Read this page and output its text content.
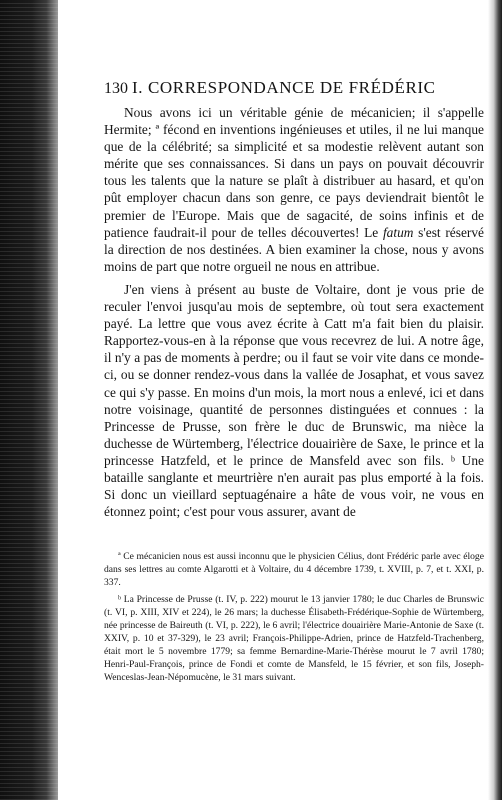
130 I. CORRESPONDANCE DE FRÉDÉRIC

Nous avons ici un véritable génie de mécanicien; il s'appelle Hermite; ª fécond en inventions ingénieuses et utiles, il ne lui manque que de la célébrité; sa simplicité et sa modestie relèvent autant son mérite que ses connaissances. Si dans un pays on pouvait découvrir tous les talents que la nature se plaît à distribuer au hasard, et qu'on pût employer chacun dans son genre, ce pays deviendrait bientôt le premier de l'Europe. Mais que de sagacité, de soins infinis et de patience faudrait-il pour de telles découvertes! Le fatum s'est réservé la direction de nos destinées. A bien examiner la chose, nous y avons moins de part que notre orgueil ne nous en attribue.

J'en viens à présent au buste de Voltaire, dont je vous prie de reculer l'envoi jusqu'au mois de septembre, où tout sera exactement payé. La lettre que vous avez écrite à Catt m'a fait bien du plaisir. Rapportez-vous-en à la réponse que vous recevrez de lui. A notre âge, il n'y a pas de moments à perdre; ou il faut se voir vite dans ce monde-ci, ou se donner rendez-vous dans la vallée de Josaphat, et vous savez ce qui s'y passe. En moins d'un mois, la mort nous a enlevé, ici et dans notre voisinage, quantité de personnes distinguées et connues : la Princesse de Prusse, son frère le duc de Brunswic, ma nièce la duchesse de Würtemberg, l'électrice douairière de Saxe, le prince et la princesse Hatzfeld, et le prince de Mansfeld avec son fils. ᵇ Une bataille sanglante et meurtrière n'en aurait pas plus emporté à la fois. Si donc un vieillard septuagénaire a hâte de vous voir, ne vous en étonnez point; c'est pour vous assurer, avant de

ª Ce mécanicien nous est aussi inconnu que le physicien Célius, dont Frédéric parle avec éloge dans ses lettres au comte Algarotti et à Voltaire, du 4 décembre 1739, t. XVIII, p. 7, et t. XXI, p. 337.

ᵇ La Princesse de Prusse (t. IV, p. 222) mourut le 13 janvier 1780; le duc Charles de Brunswic (t. VI, p. XIII, XIV et 224), le 26 mars; la duchesse Élisabeth-Frédérique-Sophie de Würtemberg, née princesse de Baireuth (t. VI, p. 222), le 6 avril; l'électrice douairière Marie-Antonie de Saxe (t. XXIV, p. 10 et 37-329), le 23 avril; François-Philippe-Adrien, prince de Hatzfeld-Trachenberg, était mort le 5 novembre 1779; sa femme Bernardine-Marie-Thérèse mourut le 7 avril 1780; Henri-Paul-François, prince de Fondi et comte de Mansfeld, le 15 février, et son fils, Joseph-Wenceslas-Jean-Népomucène, le 31 mars suivant.
